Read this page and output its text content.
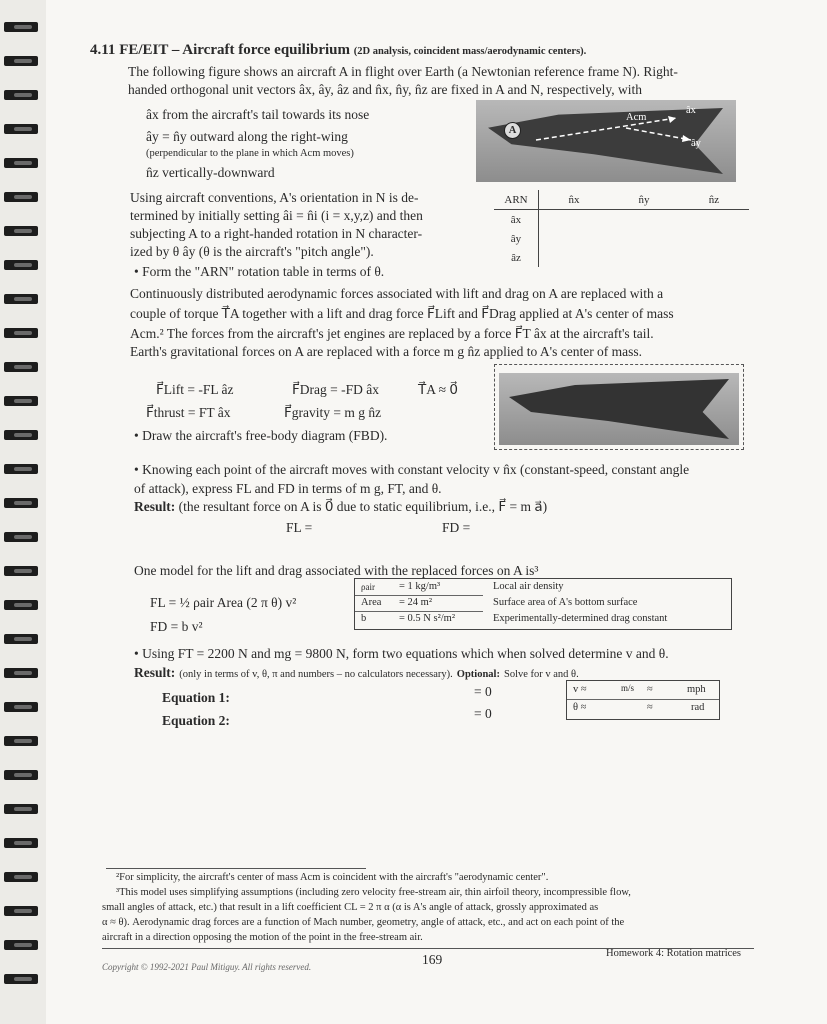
4.11 FE/EIT – Aircraft force equilibrium (2D analysis, coincident mass/aerodynamic centers).
The following figure shows an aircraft A in flight over Earth (a Newtonian reference frame N). Right-
handed orthogonal unit vectors âx, ây, âz and n̂x, n̂y, n̂z are fixed in A and N, respectively, with
âx from the aircraft's tail towards its nose
ây = n̂y outward along the right-wing
(perpendicular to the plane in which Acm moves)
n̂z vertically-downward
A
Acm
âx
ây
Using aircraft conventions, A's orientation in N is de-
termined by initially setting âi = n̂i (i = x,y,z) and then
subjecting A to a right-handed rotation in N character-
ized by θ ây (θ is the aircraft's "pitch angle").
• Form the "ARN" rotation table in terms of θ.
ARN	n̂x	n̂y	n̂z
âx			
ây			
âz			
Continuously distributed aerodynamic forces associated with lift and drag on A are replaced with a
couple of torque T⃗A together with a lift and drag force F⃗Lift and F⃗Drag applied at A's center of mass
Acm.² The forces from the aircraft's jet engines are replaced by a force F⃗T âx at the aircraft's tail.
Earth's gravitational forces on A are replaced with a force m g n̂z applied to A's center of mass.
F⃗Lift = -FL âz	F⃗Drag = -FD âx	T⃗A ≈ 0⃗
F⃗thrust = FT âx	F⃗gravity = m g n̂z
• Draw the aircraft's free-body diagram (FBD).
• Knowing each point of the aircraft moves with constant velocity v n̂x (constant-speed, constant angle
of attack), express FL and FD in terms of m g, FT, and θ.
Result: (the resultant force on A is 0⃗ due to static equilibrium, i.e., F⃗ = m a⃗)
FL =	FD =
One model for the lift and drag associated with the replaced forces on A is³
FL = ½ ρair Area (2 π θ) v²
FD = b v²
ρair = 1 kg/m³	Local air density
Area = 24 m²	Surface area of A's bottom surface
b	= 0.5 N s²/m²	Experimentally-determined drag constant
• Using FT = 2200 N and mg = 9800 N, form two equations which when solved determine v and θ.
Result: (only in terms of v, θ, π and numbers – no calculators necessary). Optional: Solve for v and θ.
Equation 1:	= 0
Equation 2:	= 0
v ≈	m/s ≈	mph
θ ≈	≈	rad
²For simplicity, the aircraft's center of mass Acm is coincident with the aircraft's "aerodynamic center".
³This model uses simplifying assumptions (including zero velocity free-stream air, thin airfoil theory, incompressible flow,
small angles of attack, etc.) that result in a lift coefficient CL = 2 π α (α is A's angle of attack, grossly approximated as
α ≈ θ). Aerodynamic drag forces are a function of Mach number, geometry, angle of attack, etc., and act on each point of the
aircraft in a direction opposing the motion of the point in the free-stream air.
Copyright © 1992-2021 Paul Mitiguy. All rights reserved.	169	Homework 4: Rotation matrices
